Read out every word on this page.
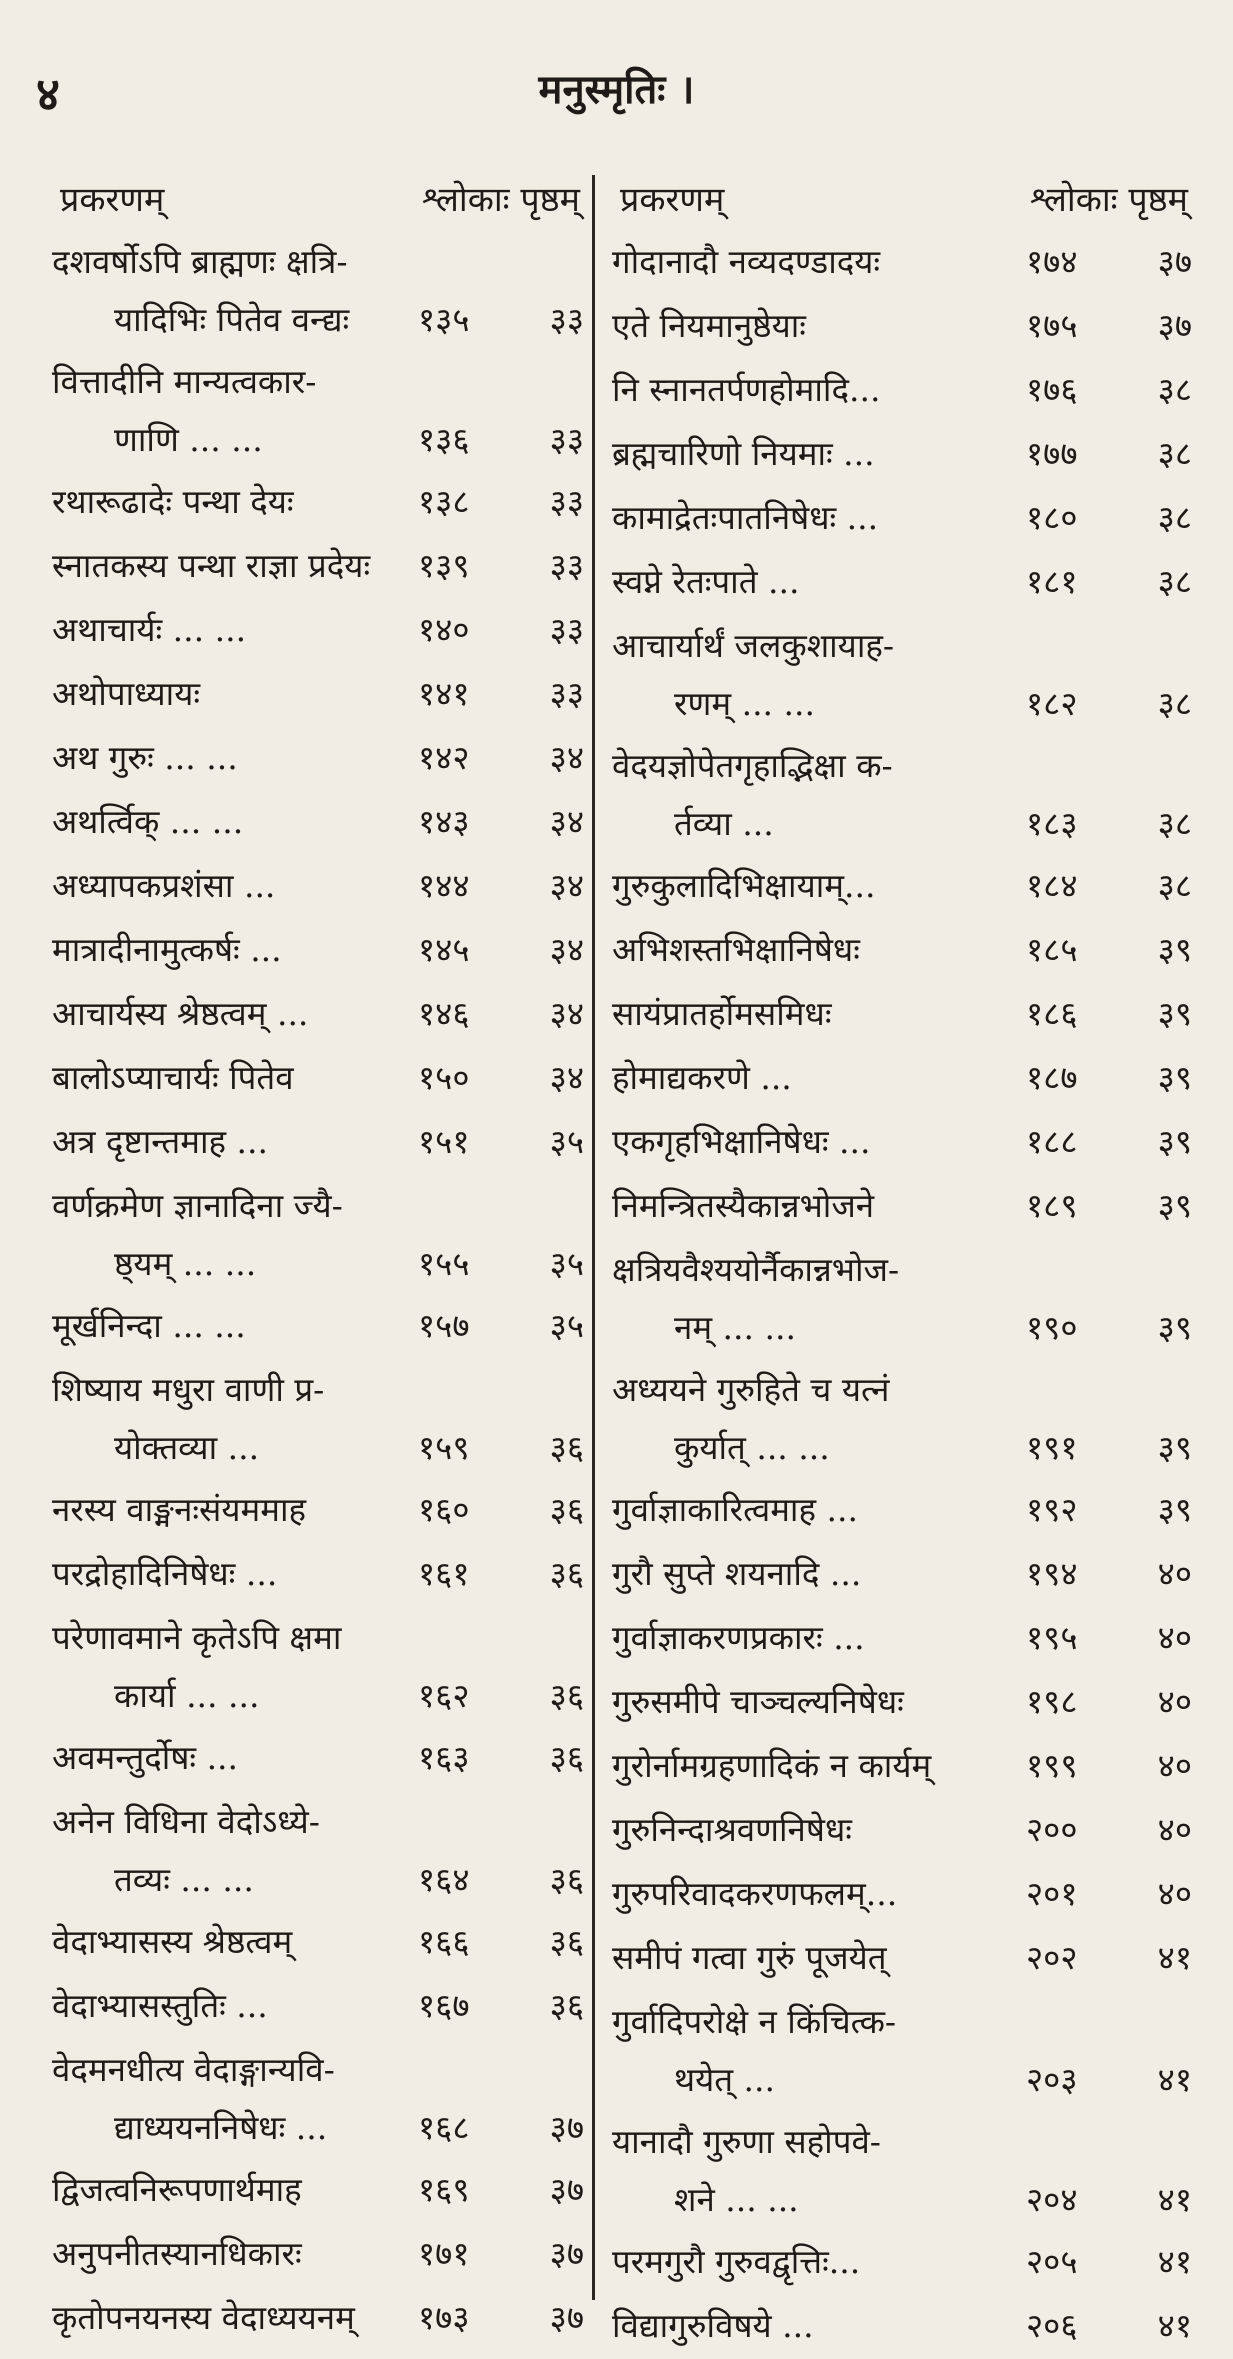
४	मनुस्मृतिः ।
प्रकरणम्	श्लोकाः पृष्ठम्
दशवर्षोऽपि ब्राह्मणः क्षत्रि-
यादिभिः पितेव वन्द्यः १३५ ३३
वित्तादीनि मान्यत्वकार-
णाणि ... ...	१३६ ३३
रथारूढादेः पन्था देयः	१३८ ३३
स्नातकस्य पन्था राज्ञा प्रदेयः १३९ ३३
अथाचार्यः ... ...	१४० ३३
अथोपाध्यायः	१४१ ३३
अथ गुरुः ... ...	१४२ ३४
अथर्त्विक् ... ...	१४३ ३४
अध्यापकप्रशंसा ...	१४४ ३४
मात्रादीनामुत्कर्षः ...	१४५ ३४
आचार्यस्य श्रेष्ठत्वम् ...	१४६ ३४
बालोऽप्याचार्यः पितेव	१५० ३४
अत्र दृष्टान्तमाह ...	१५१ ३५
वर्णक्रमेण ज्ञानादिना ज्यै-
ष्ठ्यम् ... ...	१५५ ३५
मूर्खनिन्दा ... ...	१५७ ३५
शिष्याय मधुरा वाणी प्र-
योक्तव्या ...	१५९ ३६
नरस्य वाङ्मनःसंयममाह	१६० ३६
परद्रोहादिनिषेधः ...	१६१ ३६
परेणावमाने कृतेऽपि क्षमा
कार्या ... ...	१६२ ३६
अवमन्तुर्दोषः ...	१६३ ३६
अनेन विधिना वेदोऽध्ये-
तव्यः ... ...	१६४ ३६
वेदाभ्यासस्य श्रेष्ठत्वम्	१६६ ३६
वेदाभ्यासस्तुतिः ...	१६७ ३६
वेदमनधीत्य वेदाङ्गान्यवि-
द्याध्ययननिषेधः ...	१६८ ३७
द्विजत्वनिरूपणार्थमाह	१६९ ३७
अनुपनीतस्यानधिकारः	१७१ ३७
कृतोपनयनस्य वेदाध्ययनम् १७३ ३७
प्रकरणम्	श्लोकाः पृष्ठम्
गोदानादौ नव्यदण्डादयः	१७४ ३७
एते नियमानुष्ठेयाः	१७५ ३७
नि स्नानतर्पणहोमादि...	१७६ ३८
ब्रह्मचारिणो नियमाः ...	१७७ ३८
कामाद्रेतःपातनिषेधः ...	१८० ३८
स्वप्ने रेतःपाते ...	१८१ ३८
आचार्यार्थं जलकुशायाह-
रणम् ... ...	१८२ ३८
वेदयज्ञोपेतगृहाद्भिक्षा क-
र्तव्या ...	१८३ ३८
गुरुकुलादिभिक्षायाम्...	१८४ ३८
अभिशस्तभिक्षानिषेधः	१८५ ३९
सायंप्रातर्होमसमिधः	१८६ ३९
होमाद्यकरणे ...	१८७ ३९
एकगृहभिक्षानिषेधः ...	१८८ ३९
निमन्त्रितस्यैकान्नभोजने	१८९ ३९
क्षत्रियवैश्ययोर्नैकान्नभोज-
नम् ... ...	१९० ३९
अध्ययने गुरुहिते च यत्नं
कुर्यात् ... ...	१९१ ३९
गुर्वाज्ञाकारित्वमाह ...	१९२ ३९
गुरौ सुप्ते शयनादि ...	१९४ ४०
गुर्वाज्ञाकरणप्रकारः ...	१९५ ४०
गुरुसमीपे चाञ्चल्यनिषेधः	१९८ ४०
गुरोर्नामग्रहणादिकं न कार्यम्	१९९ ४०
गुरुनिन्दाश्रवणनिषेधः	२०० ४०
गुरुपरिवादकरणफलम्...	२०१ ४०
समीपं गत्वा गुरुं पूजयेत्	२०२ ४१
गुर्वादिपरोक्षे न किंचित्क-
थयेत् ...	२०३ ४१
यानादौ गुरुणा सहोपवे-
शने ... ...	२०४ ४१
परमगुरौ गुरुवद्वृत्तिः...	२०५ ४१
विद्यागुरुविषये ...	२०६ ४१
